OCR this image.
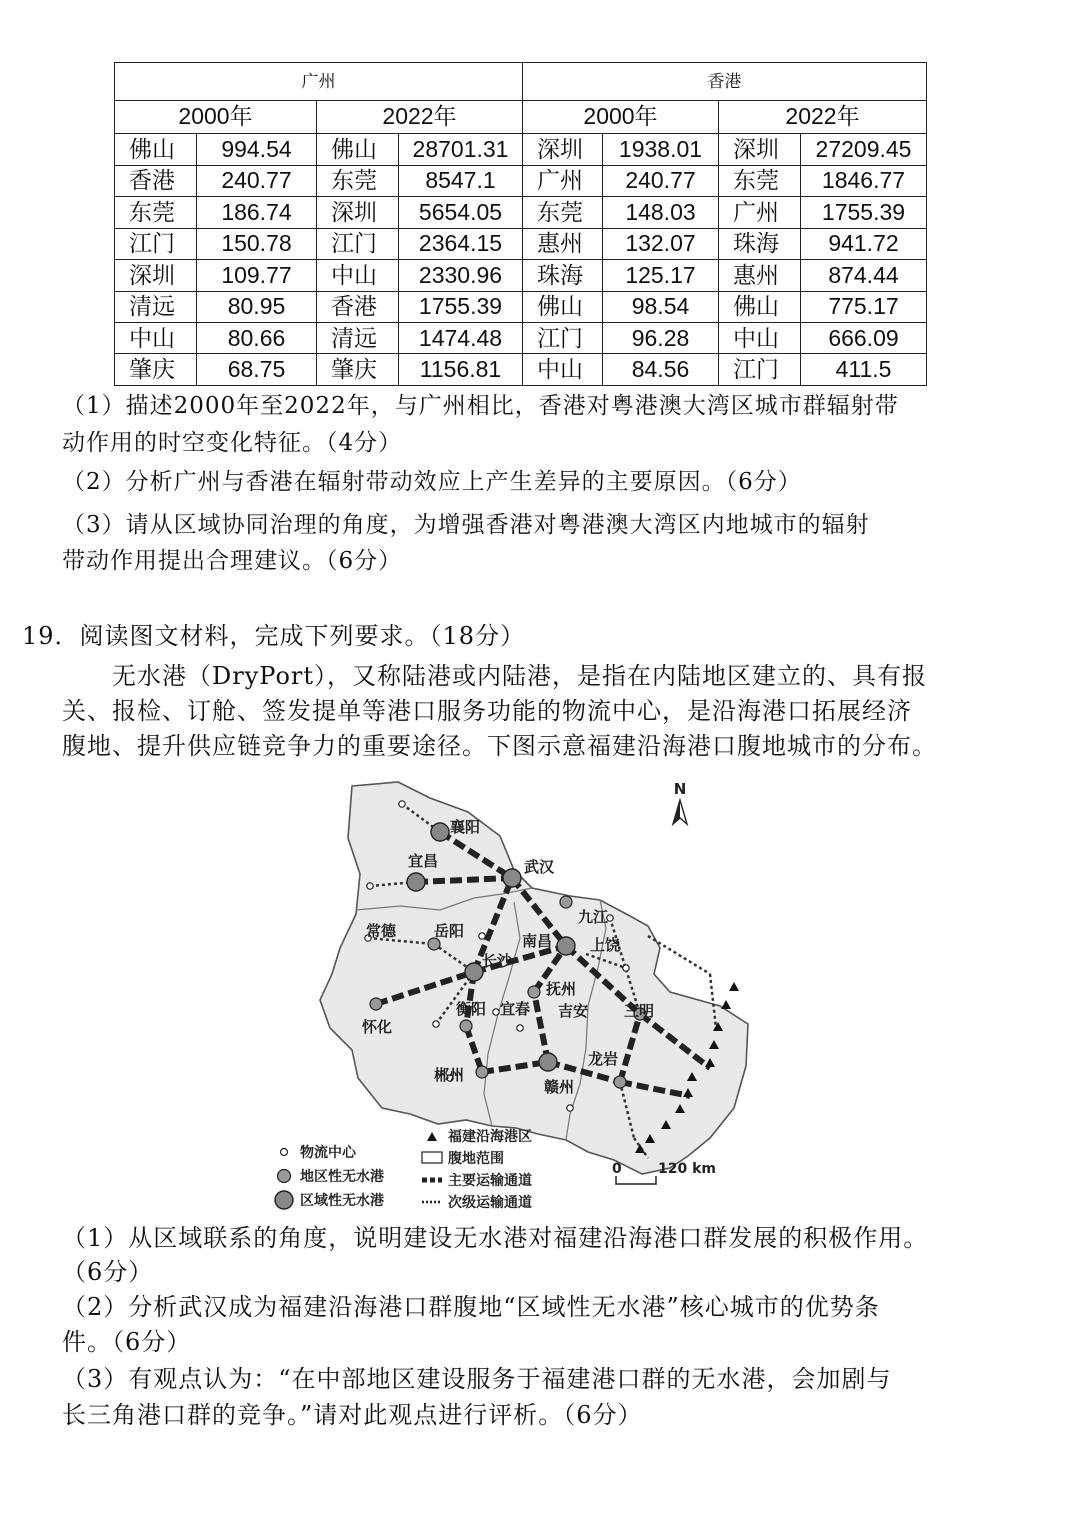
广州				香港			
2000年		2022年		2000年		2022年	
佛山	994.54	佛山	28701.31	深圳	1938.01	深圳	27209.45
香港	240.77	东莞	8547.1	广州	240.77	东莞	1846.77
东莞	186.74	深圳	5654.05	东莞	148.03	广州	1755.39
江门	150.78	江门	2364.15	惠州	132.07	珠海	941.72
深圳	109.77	中山	2330.96	珠海	125.17	惠州	874.44
清远	80.95	香港	1755.39	佛山	98.54	佛山	775.17
中山	80.66	清远	1474.48	江门	96.28	中山	666.09
肇庆	68.75	肇庆	1156.81	中山	84.56	江门	411.5

（1）描述2000年至2022年，与广州相比，香港对粤港澳大湾区城市群辐射带

动作用的时空变化特征。（4分）

（2）分析广州与香港在辐射带动效应上产生差异的主要原因。（6分）

（3）请从区域协同治理的角度，为增强香港对粤港澳大湾区内地城市的辐射

带动作用提出合理建议。（6分）

19．阅读图文材料，完成下列要求。（18分）

　　无水港（DryPort），又称陆港或内陆港，是指在内陆地区建立的、具有报

关、报检、订舱、签发提单等港口服务功能的物流中心，是沿海港口拓展经济

腹地、提升供应链竞争力的重要途径。下图示意福建沿海港口腹地城市的分布。

N
襄阳
宜昌	武汉
九江
常德	岳阳
南昌	上饶
长沙
抚州
怀化
衡阳 宜春 吉安 三明
龙岩
郴州
赣州
物流中心
地区性无水港
区域性无水港
福建沿海港区
腹地范围
主要运输通道
次级运输通道
0	120 km

（1）从区域联系的角度，说明建设无水港对福建沿海港口群发展的积极作用。

（6分）

（2）分析武汉成为福建沿海港口群腹地“区域性无水港”核心城市的优势条

件。（6分）

（3）有观点认为：“在中部地区建设服务于福建港口群的无水港，会加剧与

长三角港口群的竞争。”请对此观点进行评析。（6分）
